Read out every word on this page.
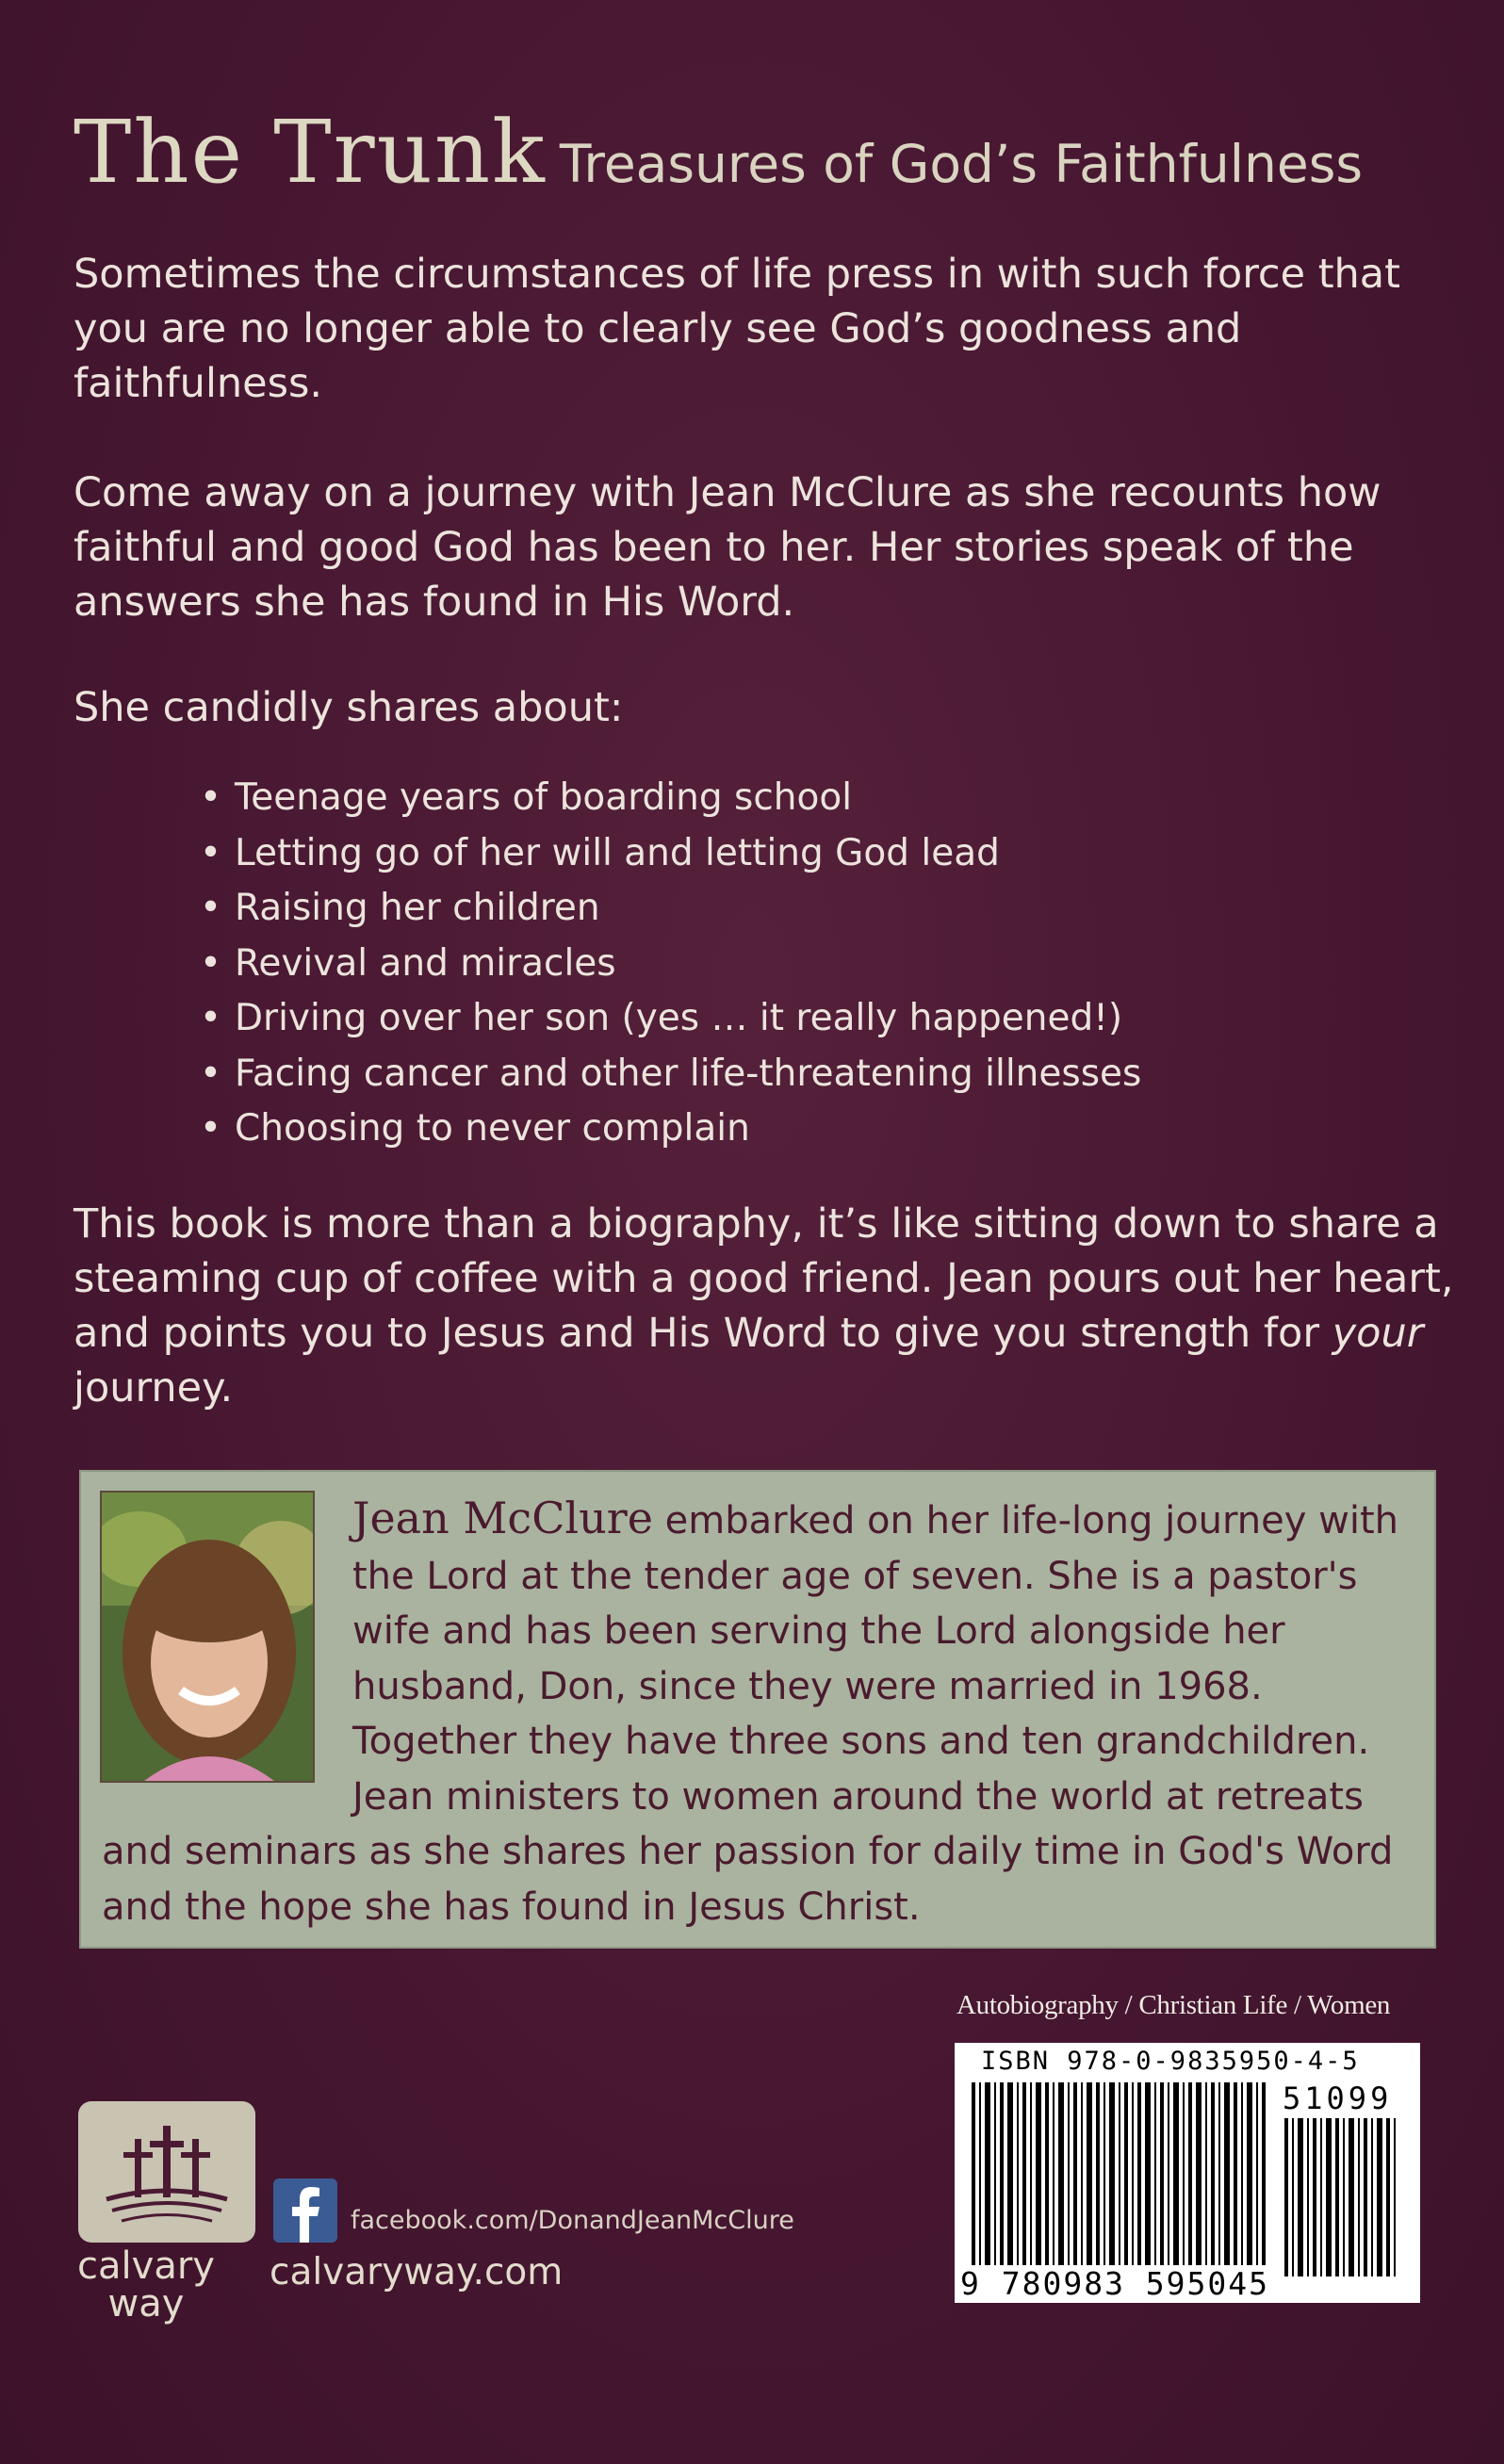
The Trunk Treasures of God’s Faithfulness

Sometimes the circumstances of life press in with such force that you are no longer able to clearly see God’s goodness and faithfulness.

Come away on a journey with Jean McClure as she recounts how faithful and good God has been to her. Her stories speak of the answers she has found in His Word.

She candidly shares about:

• Teenage years of boarding school
• Letting go of her will and letting God lead
• Raising her children
• Revival and miracles
• Driving over her son (yes … it really happened!)
• Facing cancer and other life-threatening illnesses
• Choosing to never complain

This book is more than a biography, it’s like sitting down to share a steaming cup of coffee with a good friend. Jean pours out her heart, and points you to Jesus and His Word to give you strength for your journey.

Jean McClure embarked on her life-long journey with the Lord at the tender age of seven. She is a pastor's wife and has been serving the Lord alongside her husband, Don, since they were married in 1968. Together they have three sons and ten grandchildren. Jean ministers to women around the world at retreats and seminars as she shares her passion for daily time in God's Word and the hope she has found in Jesus Christ.

Autobiography / Christian Life / Women
ISBN 978-0-9835950-4-5
51099
9 780983 595045
calvary way
facebook.com/DonandJeanMcClure
calvaryway.com
